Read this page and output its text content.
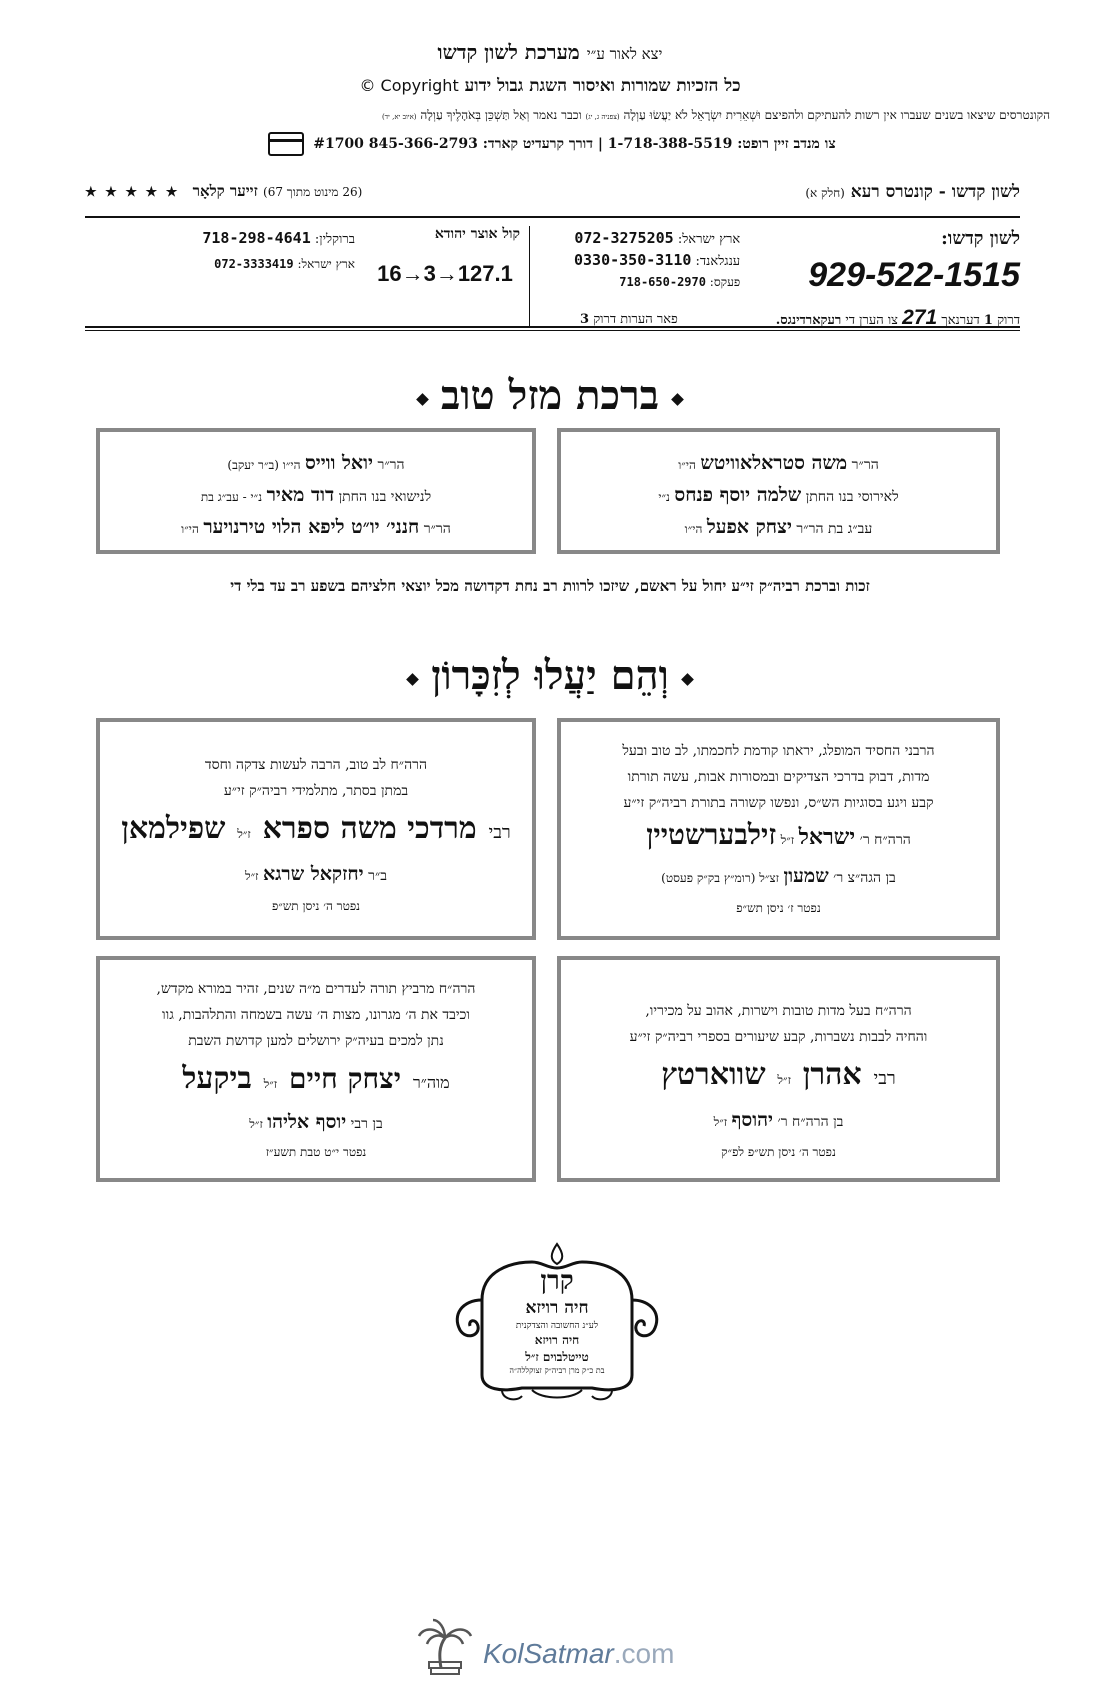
יצא לאור ע״י מערכת לשון קדשו
כל הזכיות שמורות ואיסור השגת גבול ידוע Copyright ©
הקונטרסים שיצאו בשנים שעברו אין רשות להעתיקם ולהפיצם וּשְׁאֵרִית יִשְׂרָאֵל לֹא יַעֲשׂוּ עַוְלָה (צפניה ג, יג) וכבר נאמר וְאַל תַּשְׁכֵּן בְּאֹהָלֶיךָ עַוְלָה (איוב יא, יד)
צו מנדב זיין רופט: 1-718-388-5519 | דורך קרעדיט קארד: 845-366-2793 #1700
לשון קדשו - קונטרס רעא (חלק א)
(26 מינוט מתוך 67) זייער קלאָר ★ ★ ★ ★ ★
לשון קדשו:
929-522-1515
ארץ ישראל: 072-3275205
ענגלאנד: 0330-350-3110
פעקס: 718-650-2970
דרוק 1 דערנאך 271 צו הערן די רעקארדינגס.
פאר הערות דרוק 3
קול אוצר יהודא
16→3→127.1
ברוקלין: 718-298-4641
ארץ ישראל: 072-3333419
ברכת מזל טוב
הר״ר משה סטראלאוויטש הי״ו
לאירוסי בנו החתן שלמה יוסף פנחס נ״י
עב״ג בת הר״ר יצחק אפעל הי״ו
הר״ר יואל ווייס הי״ו (ב״ר יעקב)
לנישואי בנו החתן דוד מאיר נ״י - עב״ג בת
הר״ר חנני׳ יו״ט ליפא הלוי טירנויער הי״ו
זכות וברכת רביה״ק זי״ע יחול על ראשם, שיזכו לרוות רב נחת דקדושה מכל יוצאי חלציהם בשפע רב עד בלי די
וְהֵם יַעֲלוּ לְזִכָּרוֹן
הרבני החסיד המופלג, יראתו קודמת לחכמתו, לב טוב ובעל
מדות, דבוק בדרכי הצדיקים ובמסורות אבות, עשה תורתו
קבע ויגע בסוגיות הש״ס, ונפשו קשורה בתורת רביה״ק זי״ע
הרה״ח ר׳ ישראל ז״ל זילבערשטיין
בן הגה״צ ר׳ שמעון זצ״ל (רומ״ץ בק״ק פעסט)
נפטר ז׳ ניסן תש״פ
הרה״ח לב טוב, הרבה לעשות צדקה וחסד
במתן בסתר, מתלמידי רביה״ק זי״ע
רבי מרדכי משה ספרא ז״ל שפילמאן
ב״ר יחזקאל שרגא ז״ל
נפטר ה׳ ניסן תש״פ
הרה״ח בעל מדות טובות וישרות, אהוב על מכיריו,
והחיה לבבות נשברות, קבע שיעורים בספרי רביה״ק זי״ע
רבי אהרן ז״ל שווארטץ
בן הרה״ח ר׳ יהוסף ז״ל
נפטר ה׳ ניסן תש״פ לפ״ק
הרה״ח מרביץ תורה לעדרים מ״ה שנים, זהיר במורא מקדש,
וכיבד את ה׳ מגרונו, מצות ה׳ עשה בשמחה והתלהבות, גוו
נתן למכים בעיה״ק ירושלים למען קדושת השבת
מוה״ר יצחק חיים ז״ל ביקעל
בן רבי יוסף אליהו ז״ל
נפטר י״ט טבת תשע״ז
קרן
חיה רויזא
לע״נ החשובה והצדקנית
חיה רויזא
טייטלבוים ז״ל
בת כ״ק מרן רביה״ק זצוקללה״ה
KolSatmar.com
